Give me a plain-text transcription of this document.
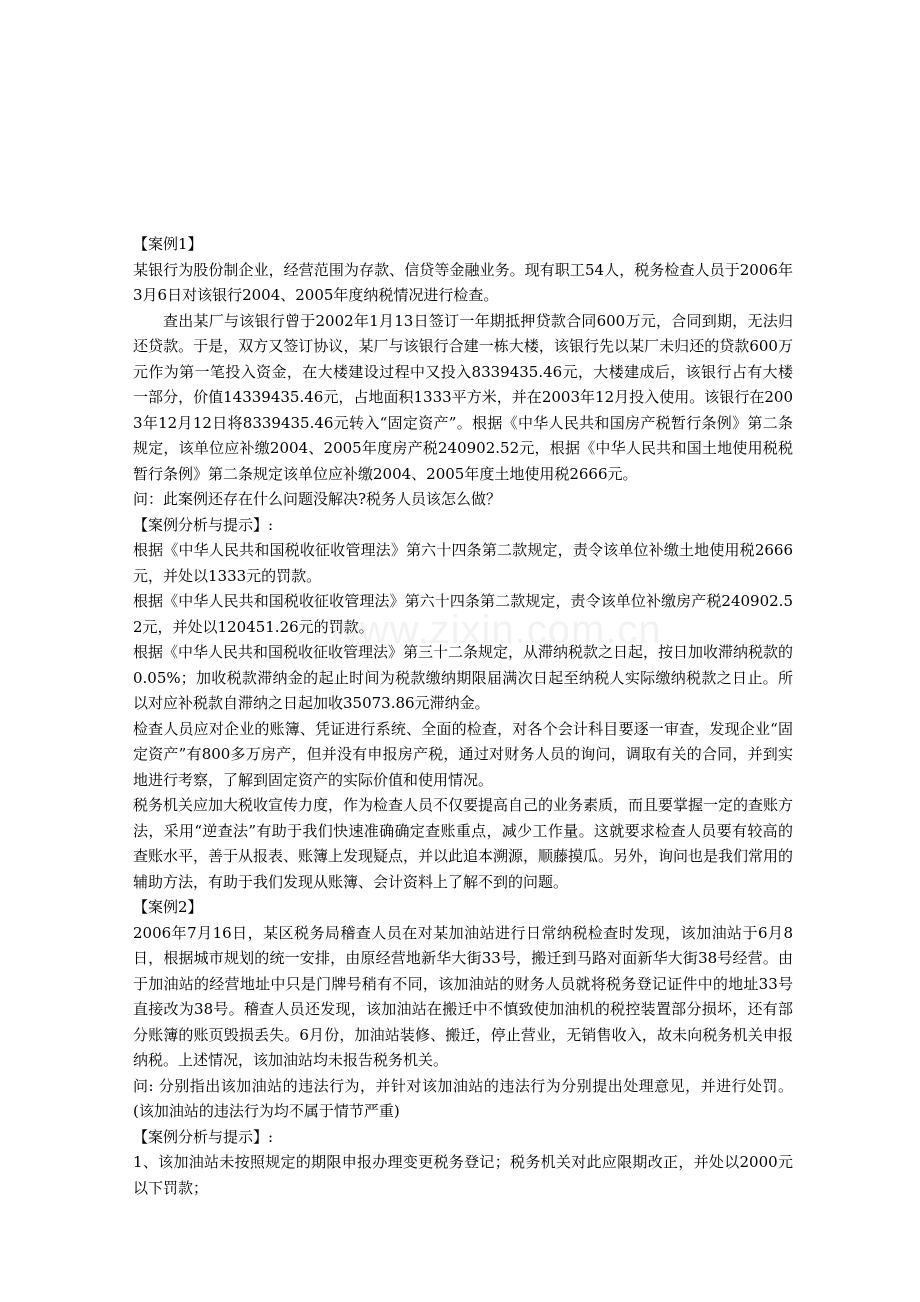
www.zixin.com.cn

【案例1】

某银行为股份制企业，经营范围为存款、信贷等金融业务。现有职工54人，税务检查人员于2006年3月6日对该银行2004、2005年度纳税情况进行检查。

查出某厂与该银行曾于2002年1月13日签订一年期抵押贷款合同600万元，合同到期，无法归还贷款。于是，双方又签订协议，某厂与该银行合建一栋大楼，该银行先以某厂未归还的贷款600万元作为第一笔投入资金，在大楼建设过程中又投入8339435.46元，大楼建成后，该银行占有大楼一部分，价值14339435.46元，占地面积1333平方米，并在2003年12月投入使用。该银行在2003年12月12日将8339435.46元转入“固定资产”。根据《中华人民共和国房产税暂行条例》第二条规定，该单位应补缴2004、2005年度房产税240902.52元，根据《中华人民共和国土地使用税税暂行条例》第二条规定该单位应补缴2004、2005年度土地使用税2666元。

问：此案例还存在什么问题没解决?税务人员该怎么做？

【案例分析与提示】:

根据《中华人民共和国税收征收管理法》第六十四条第二款规定，责令该单位补缴土地使用税2666元，并处以1333元的罚款。

根据《中华人民共和国税收征收管理法》第六十四条第二款规定，责令该单位补缴房产税240902.52元，并处以120451.26元的罚款。

根据《中华人民共和国税收征收管理法》第三十二条规定，从滞纳税款之日起，按日加收滞纳税款的0.05%；加收税款滞纳金的起止时间为税款缴纳期限届满次日起至纳税人实际缴纳税款之日止。所以对应补税款自滞纳之日起加收35073.86元滞纳金。

检查人员应对企业的账簿、凭证进行系统、全面的检查，对各个会计科目要逐一审查，发现企业“固定资产”有800多万房产，但并没有申报房产税，通过对财务人员的询问，调取有关的合同，并到实地进行考察，了解到固定资产的实际价值和使用情况。

税务机关应加大税收宣传力度，作为检查人员不仅要提高自己的业务素质，而且要掌握一定的查账方法，采用“逆查法”有助于我们快速准确确定查账重点，减少工作量。这就要求检查人员要有较高的查账水平，善于从报表、账簿上发现疑点，并以此追本溯源，顺藤摸瓜。另外，询问也是我们常用的辅助方法，有助于我们发现从账簿、会计资料上了解不到的问题。

【案例2】

2006年7月16日，某区税务局稽查人员在对某加油站进行日常纳税检查时发现，该加油站于6月8日，根据城市规划的统一安排，由原经营地新华大街33号，搬迁到马路对面新华大街38号经营。由于加油站的经营地址中只是门牌号稍有不同，该加油站的财务人员就将税务登记证件中的地址33号直接改为38号。稽查人员还发现，该加油站在搬迁中不慎致使加油机的税控装置部分损坏，还有部分账簿的账页毁损丢失。6月份，加油站装修、搬迁，停止营业，无销售收入，故未向税务机关申报纳税。上述情况，该加油站均未报告税务机关。

问: 分别指出该加油站的违法行为，并针对该加油站的违法行为分别提出处理意见，并进行处罚。(该加油站的违法行为均不属于情节严重)

【案例分析与提示】:

1、该加油站未按照规定的期限申报办理变更税务登记；税务机关对此应限期改正，并处以2000元以下罚款；
